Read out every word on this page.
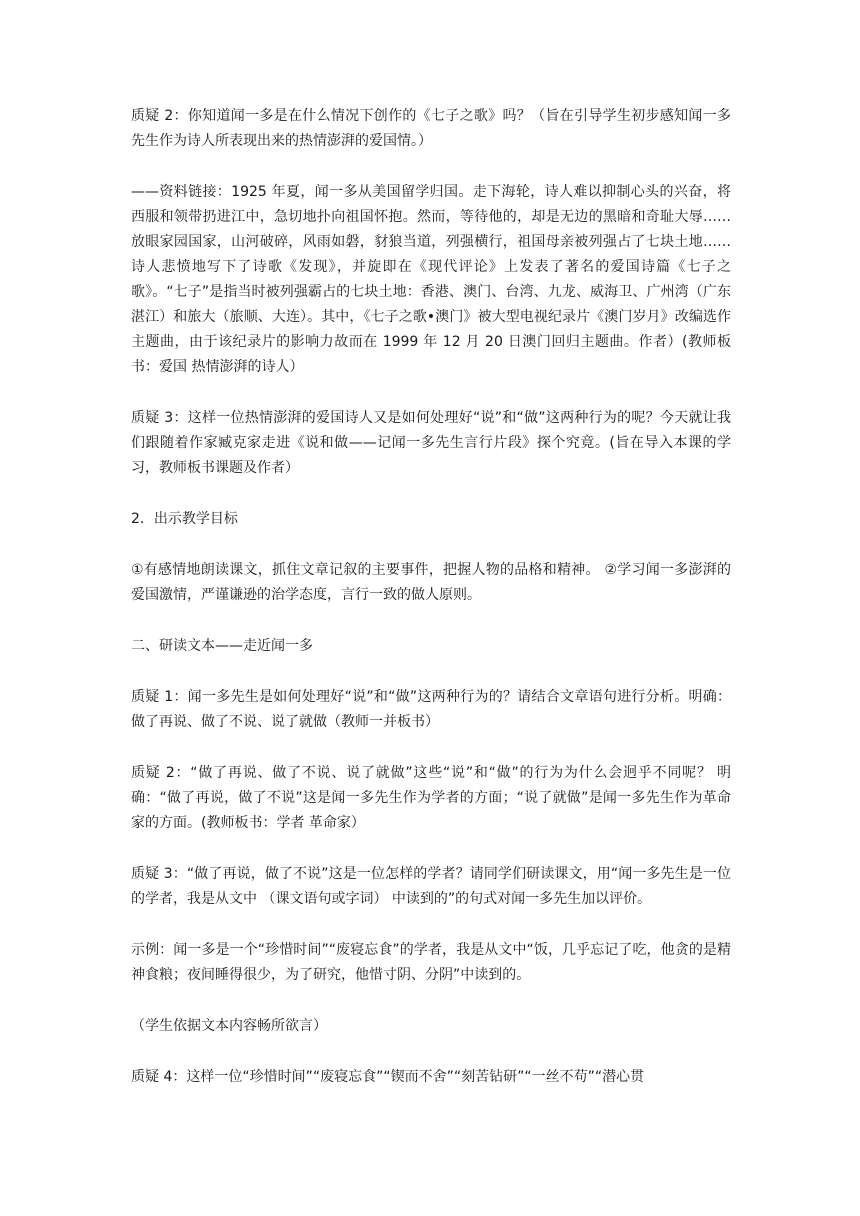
质疑 2：你知道闻一多是在什么情况下创作的《七子之歌》吗？（旨在引导学生初步感知闻一多先生作为诗人所表现出来的热情澎湃的爱国情。）

——资料链接：1925 年夏，闻一多从美国留学归国。走下海轮，诗人难以抑制心头的兴奋，将西服和领带扔进江中，急切地扑向祖国怀抱。然而，等待他的，却是无边的黑暗和奇耻大辱……放眼家园国家，山河破碎，风雨如磐，豺狼当道，列强横行，祖国母亲被列强占了七块土地……诗人悲愤地写下了诗歌《发现》，并旋即在《现代评论》上发表了著名的爱国诗篇《七子之歌》。“七子”是指当时被列强霸占的七块土地：香港、澳门、台湾、九龙、威海卫、广州湾（广东湛江）和旅大（旅顺、大连）。其中，《七子之歌•澳门》被大型电视纪录片《澳门岁月》改编选作主题曲，由于该纪录片的影响力故而在 1999 年 12 月 20 日澳门回归主题曲。作者）(教师板书：爱国 热情澎湃的诗人）

质疑 3：这样一位热情澎湃的爱国诗人又是如何处理好“说”和“做”这两种行为的呢？今天就让我们跟随着作家臧克家走进《说和做——记闻一多先生言行片段》探个究竟。(旨在导入本课的学习，教师板书课题及作者）

2．出示教学目标

①有感情地朗读课文，抓住文章记叙的主要事件，把握人物的品格和精神。 ②学习闻一多澎湃的爱国激情，严谨谦逊的治学态度，言行一致的做人原则。

二、研读文本——走近闻一多

质疑 1：闻一多先生是如何处理好“说”和“做”这两种行为的？请结合文章语句进行分析。明确：做了再说、做了不说、说了就做（教师一并板书）

质疑 2：“做了再说、做了不说、说了就做”这些“说”和“做”的行为为什么会迥乎不同呢？ 明确：“做了再说，做了不说”这是闻一多先生作为学者的方面；“说了就做”是闻一多先生作为革命家的方面。(教师板书：学者 革命家）

质疑 3：“做了再说，做了不说”这是一位怎样的学者？请同学们研读课文，用“闻一多先生是一位 的学者，我是从文中 （课文语句或字词） 中读到的”的句式对闻一多先生加以评价。

示例：闻一多是一个“珍惜时间”“废寝忘食”的学者，我是从文中“饭，几乎忘记了吃，他贪的是精神食粮；夜间睡得很少，为了研究，他惜寸阴、分阴”中读到的。

（学生依据文本内容畅所欲言）

质疑 4：这样一位“珍惜时间”“废寝忘食”“锲而不舍”“刻苦钻研”“一丝不苟”“潜心贯
